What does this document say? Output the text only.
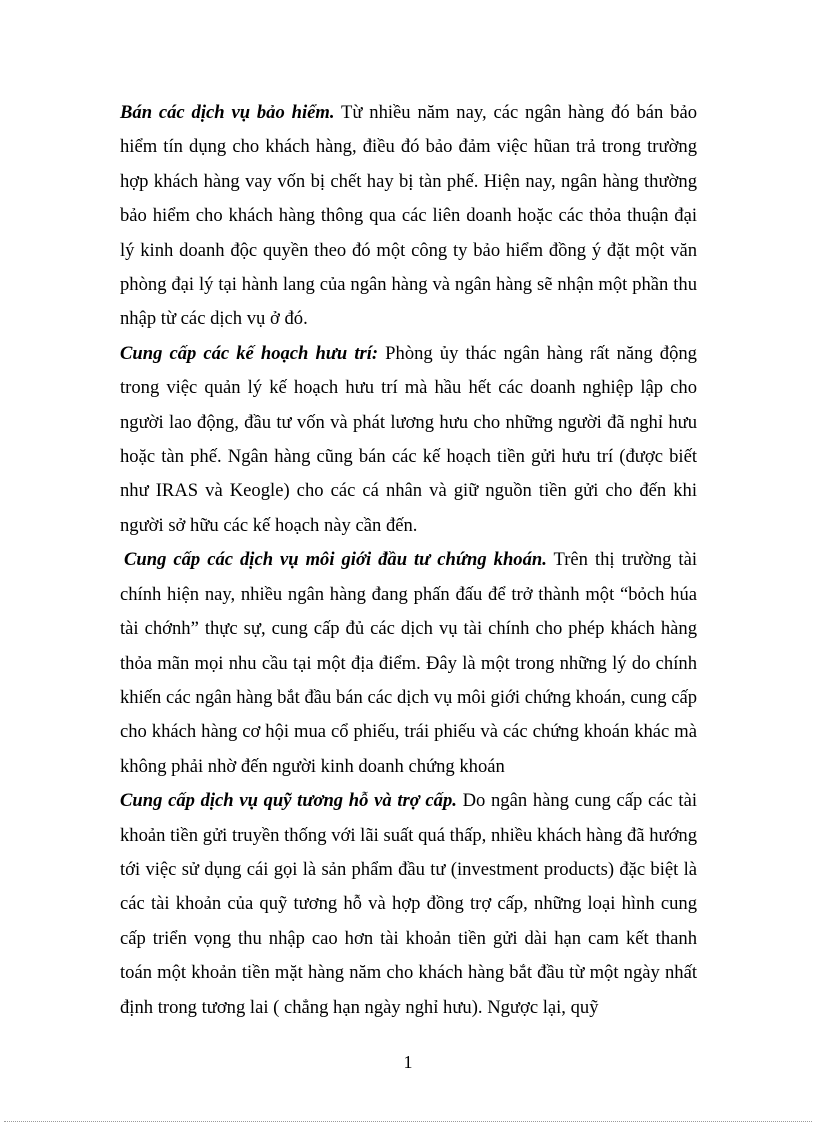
Bán các dịch vụ bảo hiểm. Từ nhiều năm nay, các ngân hàng đó bán bảo hiểm tín dụng cho khách hàng, điều đó bảo đảm việc hũan trả trong trường hợp khách hàng vay vốn bị chết hay bị tàn phế. Hiện nay, ngân hàng thường bảo hiểm cho khách hàng thông qua các liên doanh hoặc các thỏa thuận đại lý kinh doanh độc quyền theo đó một công ty bảo hiểm đồng ý đặt một văn phòng đại lý tại hành lang của ngân hàng và ngân hàng sẽ nhận một phần thu nhập từ các dịch vụ ở đó.

Cung cấp các kế hoạch hưu trí: Phòng ủy thác ngân hàng rất năng động trong việc quản lý kế hoạch hưu trí mà hầu hết các doanh nghiệp lập cho người lao động, đầu tư vốn và phát lương hưu cho những người đã nghỉ hưu hoặc tàn phế. Ngân hàng cũng bán các kế hoạch tiền gửi hưu trí (được biết như IRAS và Keogle) cho các cá nhân và giữ nguồn tiền gửi cho đến khi người sở hữu các kế hoạch này cần đến.

Cung cấp các dịch vụ môi giới đầu tư chứng khoán. Trên thị trường tài chính hiện nay, nhiều ngân hàng đang phấn đấu để trở thành một “bỏch húa tài chớnh” thực sự, cung cấp đủ các dịch vụ tài chính cho phép khách hàng thỏa mãn mọi nhu cầu tại một địa điểm. Đây là một trong những lý do chính khiến các ngân hàng bắt đầu bán các dịch vụ môi giới chứng khoán, cung cấp cho khách hàng cơ hội mua cổ phiếu, trái phiếu và các chứng khoán khác mà không phải nhờ đến người kinh doanh chứng khoán

Cung cấp dịch vụ quỹ tương hỗ và trợ cấp. Do ngân hàng cung cấp các tài khoản tiền gửi truyền thống với lãi suất quá thấp, nhiều khách hàng đã hướng tới việc sử dụng cái gọi là sản phẩm đầu tư (investment products) đặc biệt là các tài khoản của quỹ tương hỗ và hợp đồng trợ cấp, những loại hình cung cấp triển vọng thu nhập cao hơn tài khoản tiền gửi dài hạn cam kết thanh toán một khoản tiền mặt hàng năm cho khách hàng bắt đầu từ một ngày nhất định trong tương lai ( chẳng hạn ngày nghỉ hưu). Ngược lại, quỹ

1
